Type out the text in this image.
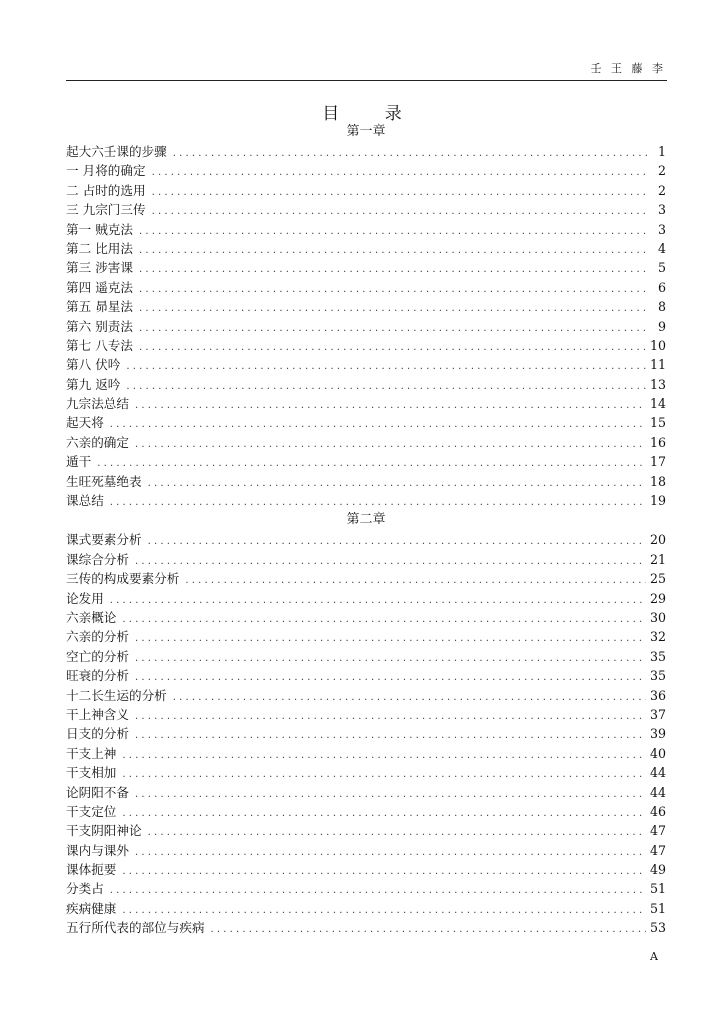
壬 王 藤 李
目 录
第一章
起大六壬课的步骤 .....	1
一 月将的确定 .....	2
二 占时的选用 .....	2
三 九宗门三传 .....	3
第一 贼克法 .....	3
第二 比用法 .....	4
第三 涉害课 .....	5
第四 遥克法 .....	6
第五 昴星法 .....	8
第六 别责法 .....	9
第七 八专法 .....	10
第八 伏吟 .....	11
第九 返吟 .....	13
九宗法总结 .....	14
起天将 .....	15
六亲的确定 .....	16
遁干 .....	17
生旺死墓绝表 .....	18
课总结 .....	19
第二章
课式要素分析 .....	20
课综合分析 .....	21
三传的构成要素分析 .....	25
论发用 .....	29
六亲概论 .....	30
六亲的分析 .....	32
空亡的分析 .....	35
旺衰的分析 .....	35
十二长生运的分析 .....	36
干上神含义 .....	37
日支的分析 .....	39
干支上神 .....	40
干支相加 .....	44
论阴阳不备 .....	44
干支定位 .....	46
干支阴阳神论 .....	47
课内与课外 .....	47
课体扼要 .....	49
分类占 .....	51
疾病健康 .....	51
五行所代表的部位与疾病 .....	53
A
